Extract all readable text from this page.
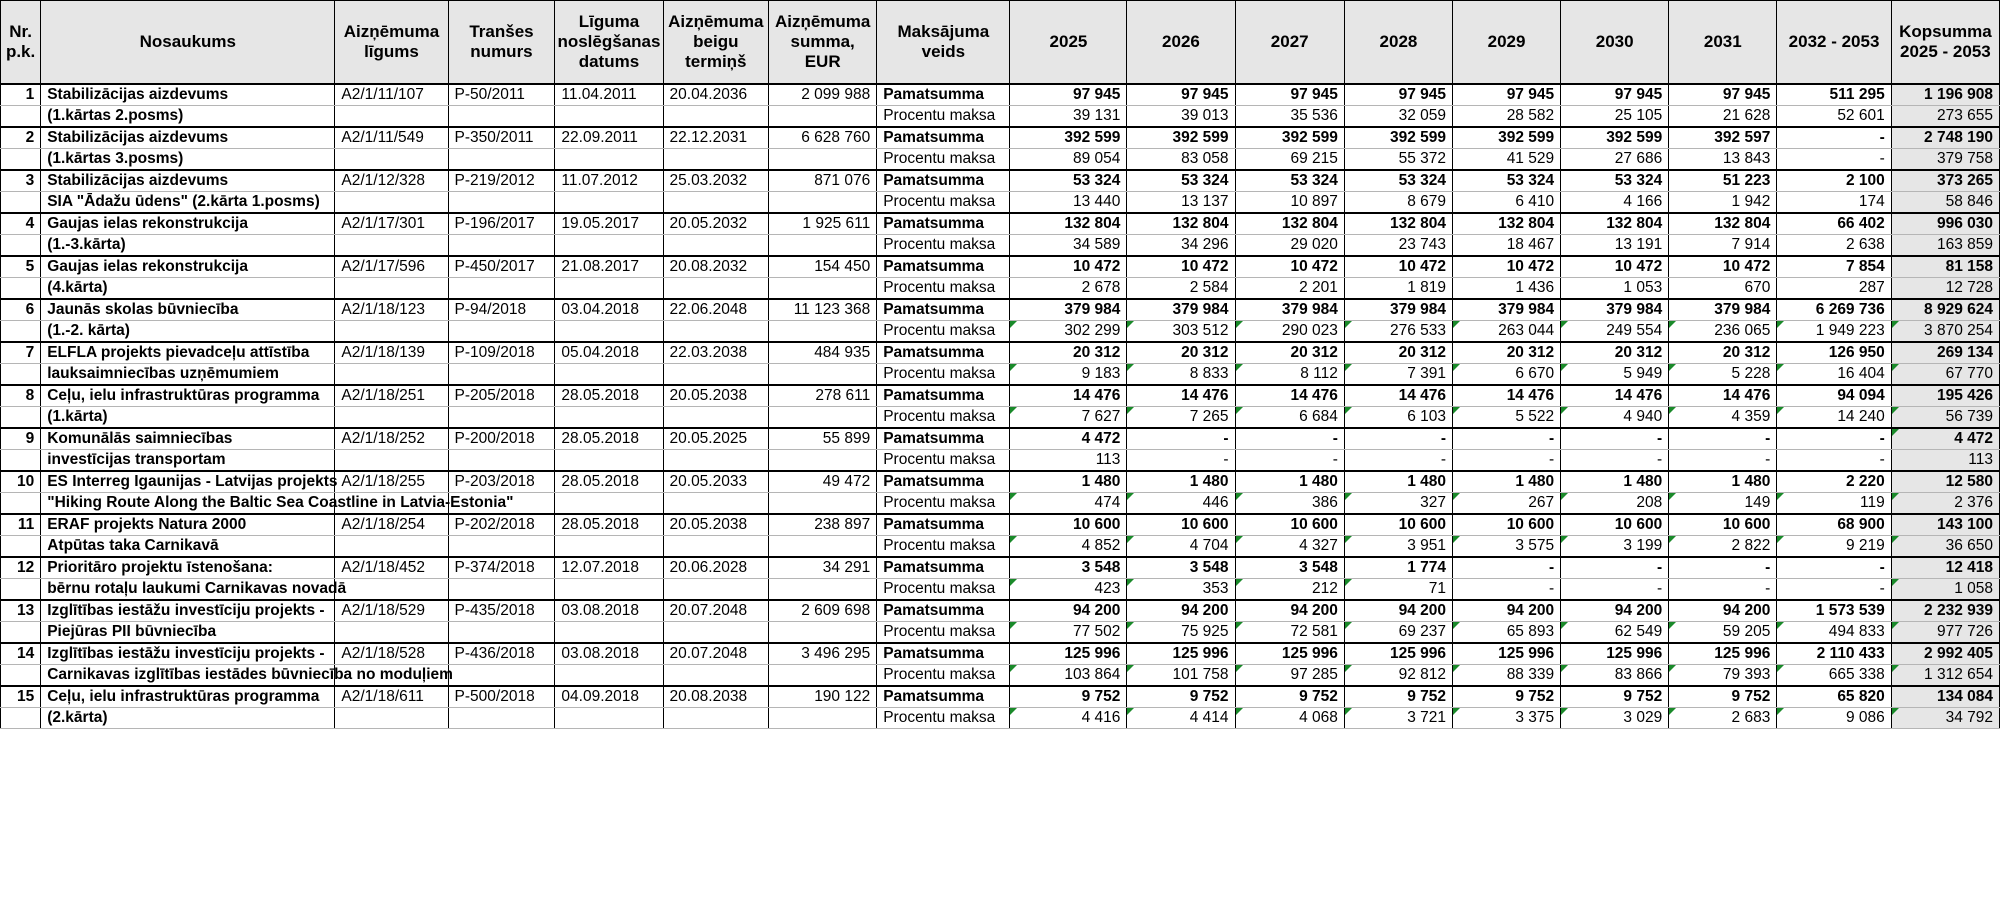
Nr. p.k.	Nosaukums	Aizņēmuma līgums	Tranšes numurs	Līguma noslēgšanas datums	Aizņēmuma beigu termiņš	Aizņēmuma summa, EUR	Maksājuma veids	2025	2026	2027	2028	2029	2030	2031	2032 - 2053	Kopsumma 2025 - 2053
1	Stabilizācijas aizdevums	A2/1/11/107	P-50/2011	11.04.2011	20.04.2036	2 099 988	Pamatsumma	97 945	97 945	97 945	97 945	97 945	97 945	97 945	511 295	1 196 908
	(1.kārtas 2.posms)						Procentu maksa	39 131	39 013	35 536	32 059	28 582	25 105	21 628	52 601	273 655
2	Stabilizācijas aizdevums	A2/1/11/549	P-350/2011	22.09.2011	22.12.2031	6 628 760	Pamatsumma	392 599	392 599	392 599	392 599	392 599	392 599	392 597	-	2 748 190
	(1.kārtas 3.posms)						Procentu maksa	89 054	83 058	69 215	55 372	41 529	27 686	13 843	-	379 758
3	Stabilizācijas aizdevums	A2/1/12/328	P-219/2012	11.07.2012	25.03.2032	871 076	Pamatsumma	53 324	53 324	53 324	53 324	53 324	53 324	51 223	2 100	373 265
	SIA "Ādažu ūdens" (2.kārta 1.posms)						Procentu maksa	13 440	13 137	10 897	8 679	6 410	4 166	1 942	174	58 846
4	Gaujas ielas rekonstrukcija	A2/1/17/301	P-196/2017	19.05.2017	20.05.2032	1 925 611	Pamatsumma	132 804	132 804	132 804	132 804	132 804	132 804	132 804	66 402	996 030
	(1.-3.kārta)						Procentu maksa	34 589	34 296	29 020	23 743	18 467	13 191	7 914	2 638	163 859
5	Gaujas ielas rekonstrukcija	A2/1/17/596	P-450/2017	21.08.2017	20.08.2032	154 450	Pamatsumma	10 472	10 472	10 472	10 472	10 472	10 472	10 472	7 854	81 158
	(4.kārta)						Procentu maksa	2 678	2 584	2 201	1 819	1 436	1 053	670	287	12 728
6	Jaunās skolas būvniecība	A2/1/18/123	P-94/2018	03.04.2018	22.06.2048	11 123 368	Pamatsumma	379 984	379 984	379 984	379 984	379 984	379 984	379 984	6 269 736	8 929 624
	(1.-2. kārta)						Procentu maksa	302 299	303 512	290 023	276 533	263 044	249 554	236 065	1 949 223	3 870 254
7	ELFLA projekts pievadceļu attīstība	A2/1/18/139	P-109/2018	05.04.2018	22.03.2038	484 935	Pamatsumma	20 312	20 312	20 312	20 312	20 312	20 312	20 312	126 950	269 134
	lauksaimniecības uzņēmumiem						Procentu maksa	9 183	8 833	8 112	7 391	6 670	5 949	5 228	16 404	67 770
8	Ceļu, ielu infrastruktūras programma	A2/1/18/251	P-205/2018	28.05.2018	20.05.2038	278 611	Pamatsumma	14 476	14 476	14 476	14 476	14 476	14 476	14 476	94 094	195 426
	(1.kārta)						Procentu maksa	7 627	7 265	6 684	6 103	5 522	4 940	4 359	14 240	56 739
9	Komunālās saimniecības	A2/1/18/252	P-200/2018	28.05.2018	20.05.2025	55 899	Pamatsumma	4 472	-	-	-	-	-	-	-	4 472
	investīcijas transportam						Procentu maksa	113	-	-	-	-	-	-	-	113
10	ES Interreg Igaunijas - Latvijas projekts	A2/1/18/255	P-203/2018	28.05.2018	20.05.2033	49 472	Pamatsumma	1 480	1 480	1 480	1 480	1 480	1 480	1 480	2 220	12 580
	"Hiking Route Along the Baltic Sea Coastline in Latvia-Estonia"						Procentu maksa	474	446	386	327	267	208	149	119	2 376
11	ERAF projekts Natura 2000	A2/1/18/254	P-202/2018	28.05.2018	20.05.2038	238 897	Pamatsumma	10 600	10 600	10 600	10 600	10 600	10 600	10 600	68 900	143 100
	Atpūtas taka Carnikavā						Procentu maksa	4 852	4 704	4 327	3 951	3 575	3 199	2 822	9 219	36 650
12	Prioritāro projektu īstenošana:	A2/1/18/452	P-374/2018	12.07.2018	20.06.2028	34 291	Pamatsumma	3 548	3 548	3 548	1 774	-	-	-	-	12 418
	bērnu rotaļu laukumi Carnikavas novadā						Procentu maksa	423	353	212	71	-	-	-	-	1 058
13	Izglītības iestāžu investīciju projekts -	A2/1/18/529	P-435/2018	03.08.2018	20.07.2048	2 609 698	Pamatsumma	94 200	94 200	94 200	94 200	94 200	94 200	94 200	1 573 539	2 232 939
	Piejūras PII būvniecība						Procentu maksa	77 502	75 925	72 581	69 237	65 893	62 549	59 205	494 833	977 726
14	Izglītības iestāžu investīciju projekts -	A2/1/18/528	P-436/2018	03.08.2018	20.07.2048	3 496 295	Pamatsumma	125 996	125 996	125 996	125 996	125 996	125 996	125 996	2 110 433	2 992 405
	Carnikavas izglītības iestādes būvniecība no moduļiem						Procentu maksa	103 864	101 758	97 285	92 812	88 339	83 866	79 393	665 338	1 312 654
15	Ceļu, ielu infrastruktūras programma	A2/1/18/611	P-500/2018	04.09.2018	20.08.2038	190 122	Pamatsumma	9 752	9 752	9 752	9 752	9 752	9 752	9 752	65 820	134 084
	(2.kārta)						Procentu maksa	4 416	4 414	4 068	3 721	3 375	3 029	2 683	9 086	34 792
